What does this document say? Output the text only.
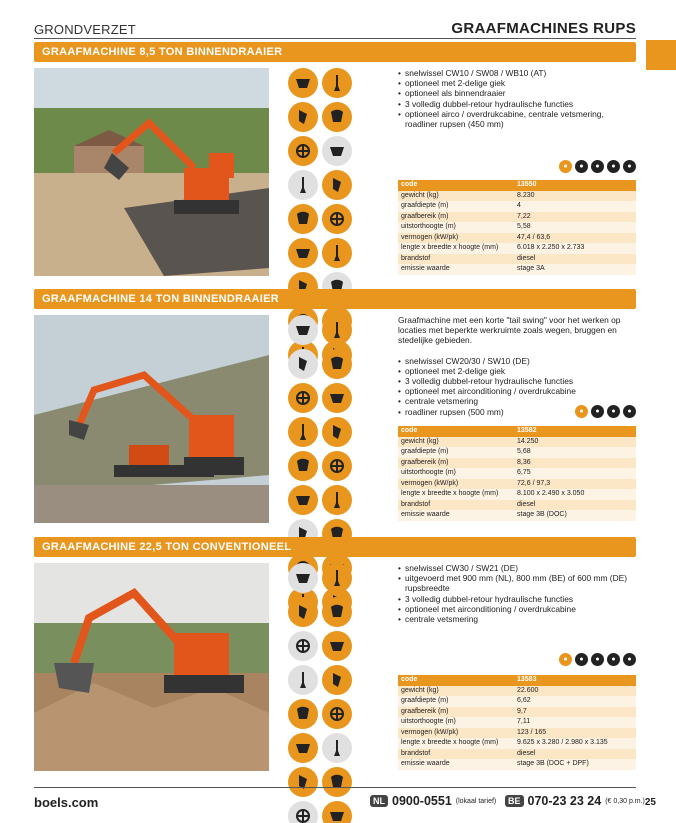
GRONDVERZET	GRAAFMACHINES RUPS
GRAAFMACHINE 8,5 TON BINNENDRAAIER
• snelwissel CW10 / SW08 / WB10 (AT)
• optioneel met 2-delige giek
• optioneel als binnendraaier
• 3 volledig dubbel-retour hydraulische functies
• optioneel airco / overdrukcabine, centrale vetsmering, roadliner rupsen (450 mm)
●	●	●	●	●
code	13550
gewicht (kg)	8.230
graafdiepte (m)	4
graafbereik (m)	7,22
uitstorthoogte (m)	5,58
vermogen (kW/pk)	47,4 / 63,6
lengte x breedte x hoogte (mm)	6.018 x 2.250 x 2.733
brandstof	diesel
emissie waarde	stage 3A
GRAAFMACHINE 14 TON BINNENDRAAIER
Graafmachine met een korte "tail swing" voor het werken op locaties met beperkte werkruimte zoals wegen, bruggen en stedelijke gebieden.
• snelwissel CW20/30 / SW10 (DE)
• optioneel met 2-delige giek
• 3 volledig dubbel-retour hydraulische functies
• optioneel met airconditioning / overdrukcabine
• centrale vetsmering
• roadliner rupsen (500 mm)	●	●	●	●
code	13582
gewicht (kg)	14.250
graafdiepte (m)	5,68
graafbereik (m)	8,36
uitstorthoogte (m)	6,75
vermogen (kW/pk)	72,6 / 97,3
lengte x breedte x hoogte (mm)	8.100 x 2.490 x 3.050
brandstof	diesel
emissie waarde	stage 3B (DOC)
GRAAFMACHINE 22,5 TON CONVENTIONEEL
• snelwissel CW30 / SW21 (DE)
• uitgevoerd met 900 mm (NL), 800 mm (BE) of 600 mm (DE) rupsbreedte
• 3 volledig dubbel-retour hydraulische functies
• optioneel met airconditioning / overdrukcabine
• centrale vetsmering
●	●	●	●	●
code	13583
gewicht (kg)	22.600
graafdiepte (m)	6,62
graafbereik (m)	9,7
uitstorthoogte (m)	7,11
vermogen (kW/pk)	123 / 165
lengte x breedte x hoogte (mm)	9.625 x 3.280 / 2.980 x 3.135
brandstof	diesel
emissie waarde	stage 3B (DOC + DPF)
boels.com	NL 0900-0551 (lokaal tarief)	BE 070-23 23 24 (€ 0,30 p.m.) 25
